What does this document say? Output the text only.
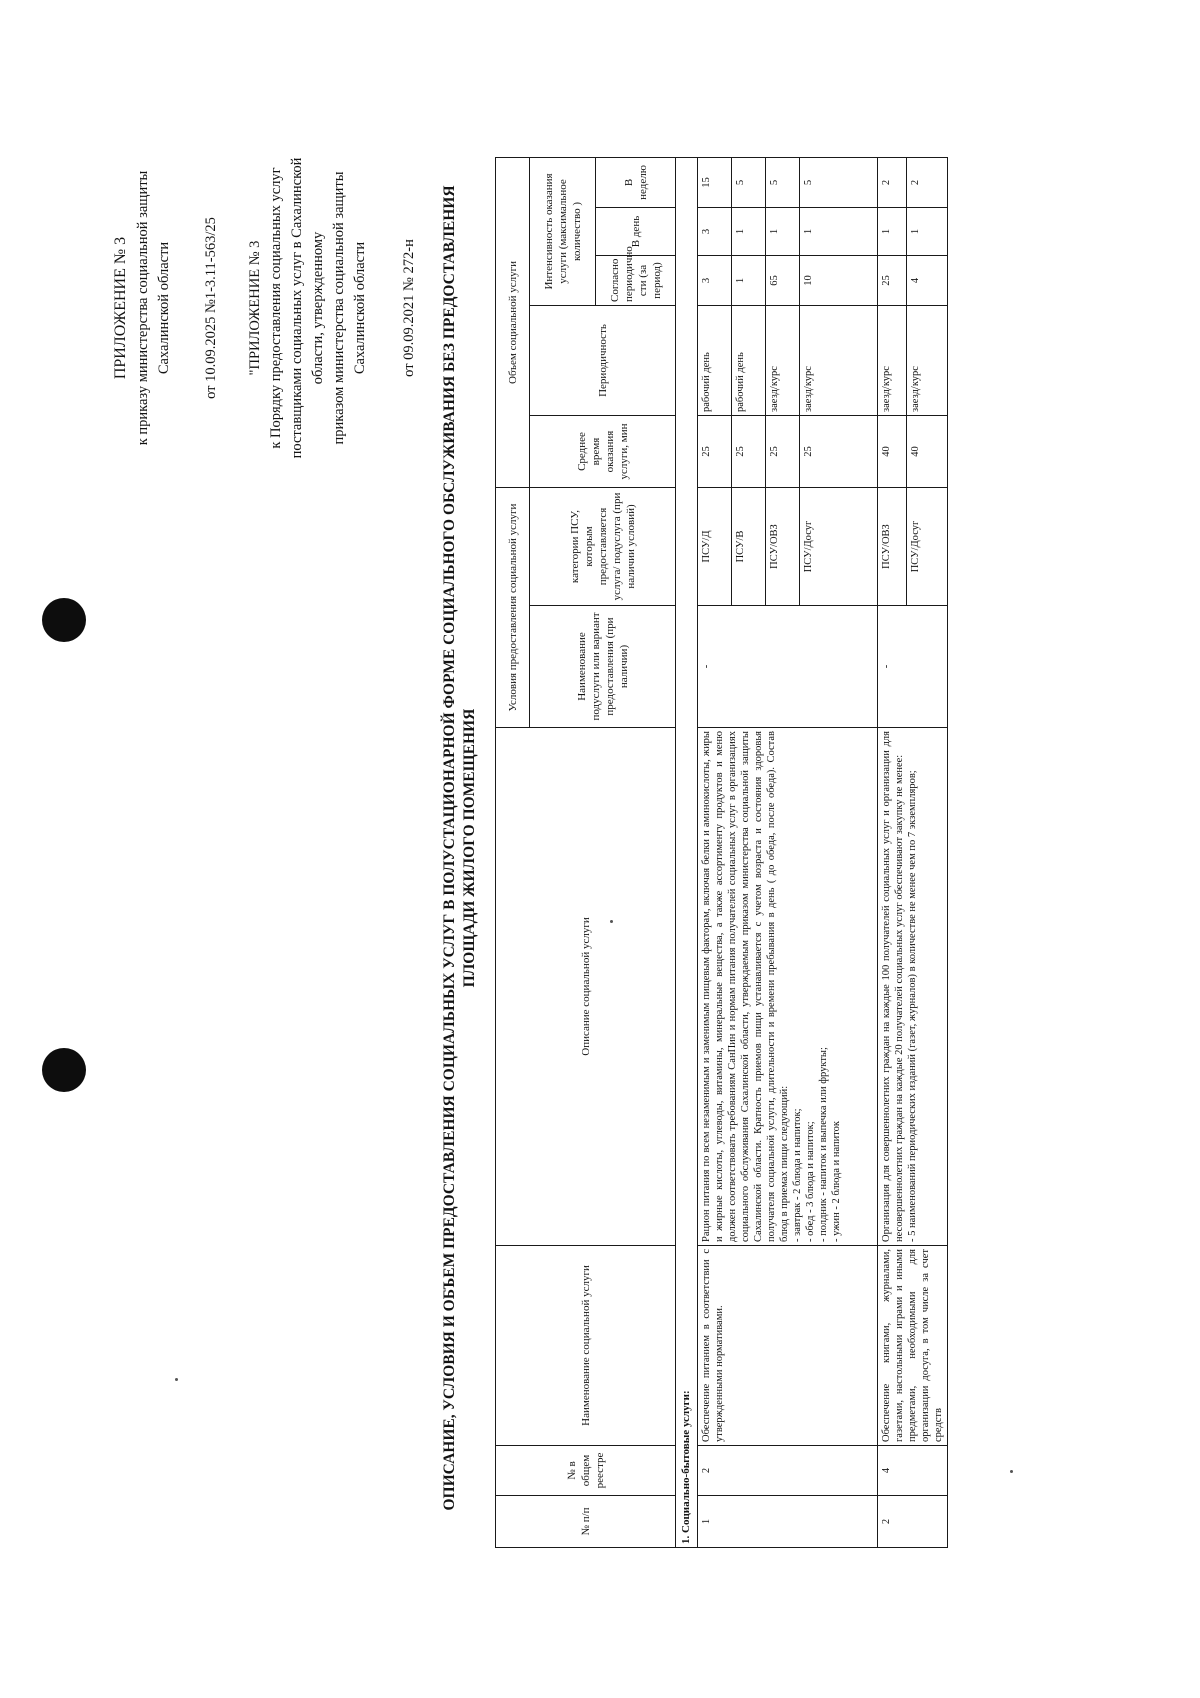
ПРИЛОЖЕНИЕ № 3 к приказу министерства социальной защиты Сахалинской области от 10.09.2025 №1-3.11-563/25 "ПРИЛОЖЕНИЕ № 3 к Порядку предоставления социальных услуг поставщиками социальных услуг в Сахалинской области, утвержденному приказом министерства социальной защиты Сахалинской области от 09.09.2021 № 272-н ОПИСАНИЕ, УСЛОВИЯ И ОБЪЕМ ПРЕДОСТАВЛЕНИЯ СОЦИАЛЬНЫХ УСЛУГ В ПОЛУСТАЦИОНАРНОЙ ФОРМЕ СОЦИАЛЬНОГО ОБСЛУЖИВАНИЯ БЕЗ ПРЕДОСТАВЛЕНИЯ ПЛОЩАДИ ЖИЛОГО ПОМЕЩЕНИЯ
№ п/п	№ в общем реестре	Наименование социальной услуги	Описание социальной услуги	Условия предоставления социальной услуги		Объем социальной услуги				
				Наименование подуслуги или вариант предоставления (при наличии)	категории ПСУ, которым предоставляется услуга/ подуслуга (при наличии условий)	Среднее время оказания услуги, мин	Периодичность	Интенсивность оказания услуги (максимальное количество )		
								Согласно периодично сти (за период)	В день	В неделю
1. Социально-бытовые услуги:										
1	2	Обеспечение питанием в соответствии с утвержденными нормативами.	Рацион питания по всем незаменимым и заменимым пищевым факторам, включая белки и аминокислоты, жиры и жирные кислоты, углеводы, витамины, минеральные вещества, а также ассортименту продуктов и меню должен соответствовать требованиям СанПин и нормам питания получателей социальных услуг в организациях социального обслуживания Сахалинской области, утверждаемым приказом министерства социальной защиты Сахалинской области. Кратность приемов пищи устанавливается с учетом возраста и состояния здоровья получателя социальной услуги, длительности и времени пребывания в день ( до обеда, после обеда). Состав блюд в приемах пищи следующий: - завтрак - 2 блюда и напиток; - обед - 3 блюда и напиток; - полдник - напиток и выпечка или фрукты; - ужин - 2 блюда и напиток	-	ПСУ/Д	25	рабочий день	3	3	15
					ПСУ/В	25	рабочий день	1	1	5
					ПСУ/ОВЗ	25	заезд/курс	65	1	5
					ПСУ/Досуг	25	заезд/курс	10	1	5
2	4	Обеспечение книгами, журналами, газетами, настольными играми и иными предметами, необходимыми для организации досуга, в том числе за счет средств	Организация для совершеннолетних граждан на каждые 100 получателей социальных услуг и организации для несовершеннолетних граждан на каждые 20 получателей социальных услуг обеспечивают закупку не менее: - 5 наименований периодических изданий (газет, журналов) в количестве не менее чем по 7 экземпляров;	-	ПСУ/ОВЗ	40	заезд/курс	25	1	2
					ПСУ/Досуг	40	заезд/курс	4	1	2
